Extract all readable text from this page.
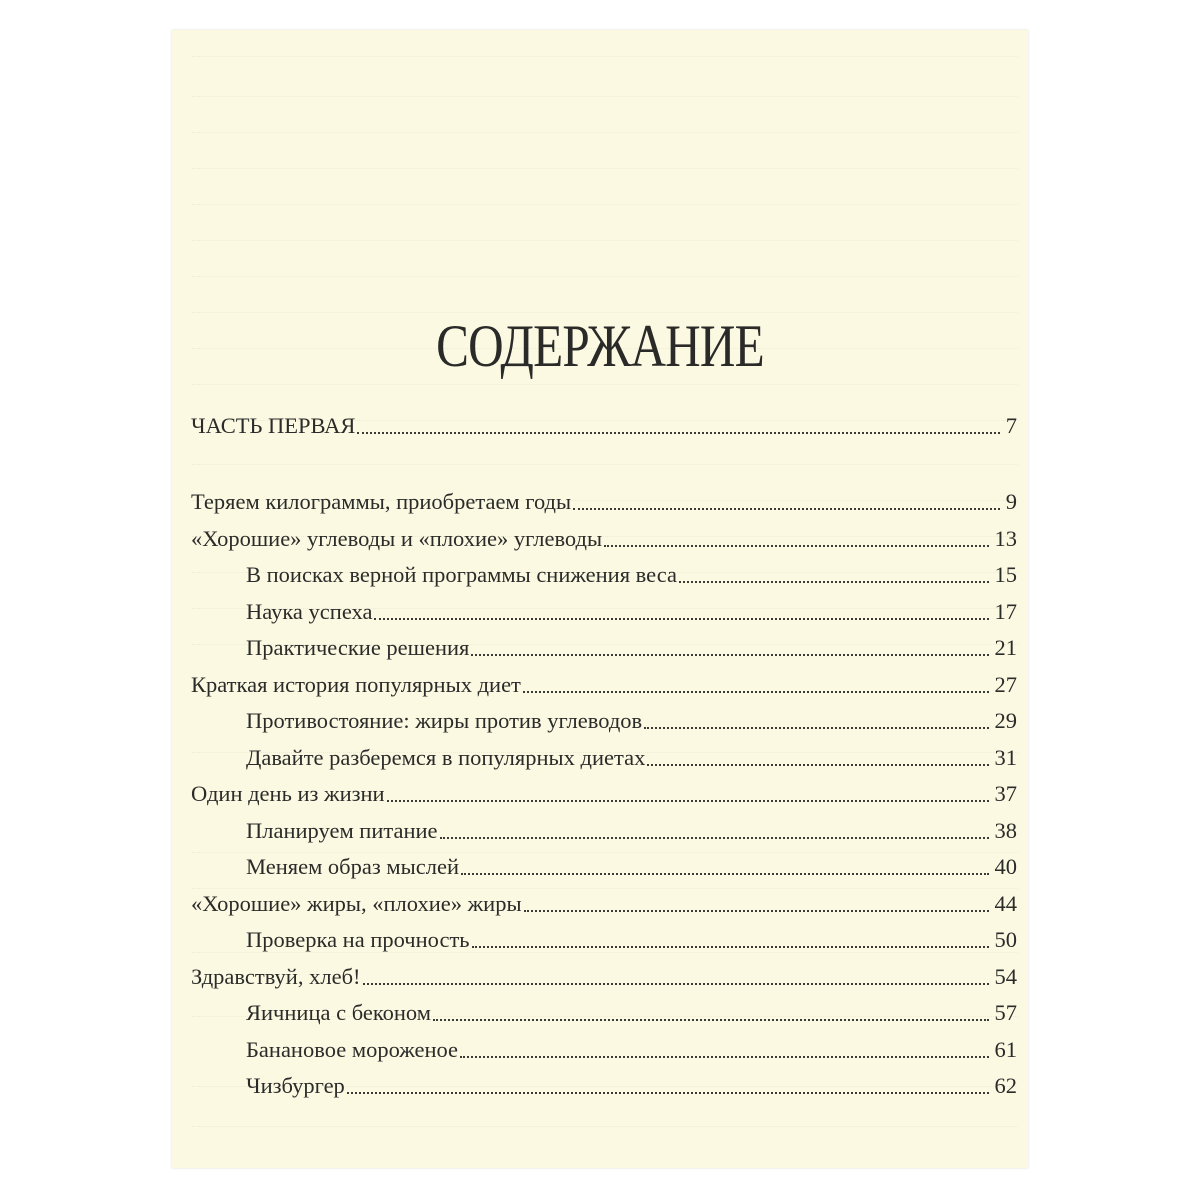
СОДЕРЖАНИЕ
ЧАСТЬ ПЕРВАЯ	7
Теряем килограммы, приобретаем годы	9
«Хорошие» углеводы и «плохие» углеводы	13
В поисках верной программы снижения веса	15
Наука успеха	17
Практические решения	21
Краткая история популярных диет	27
Противостояние: жиры против углеводов	29
Давайте разберемся в популярных диетах	31
Один день из жизни	37
Планируем питание	38
Меняем образ мыслей	40
«Хорошие» жиры, «плохие» жиры	44
Проверка на прочность	50
Здравствуй, хлеб!	54
Яичница с беконом	57
Банановое мороженое	61
Чизбургер	62
